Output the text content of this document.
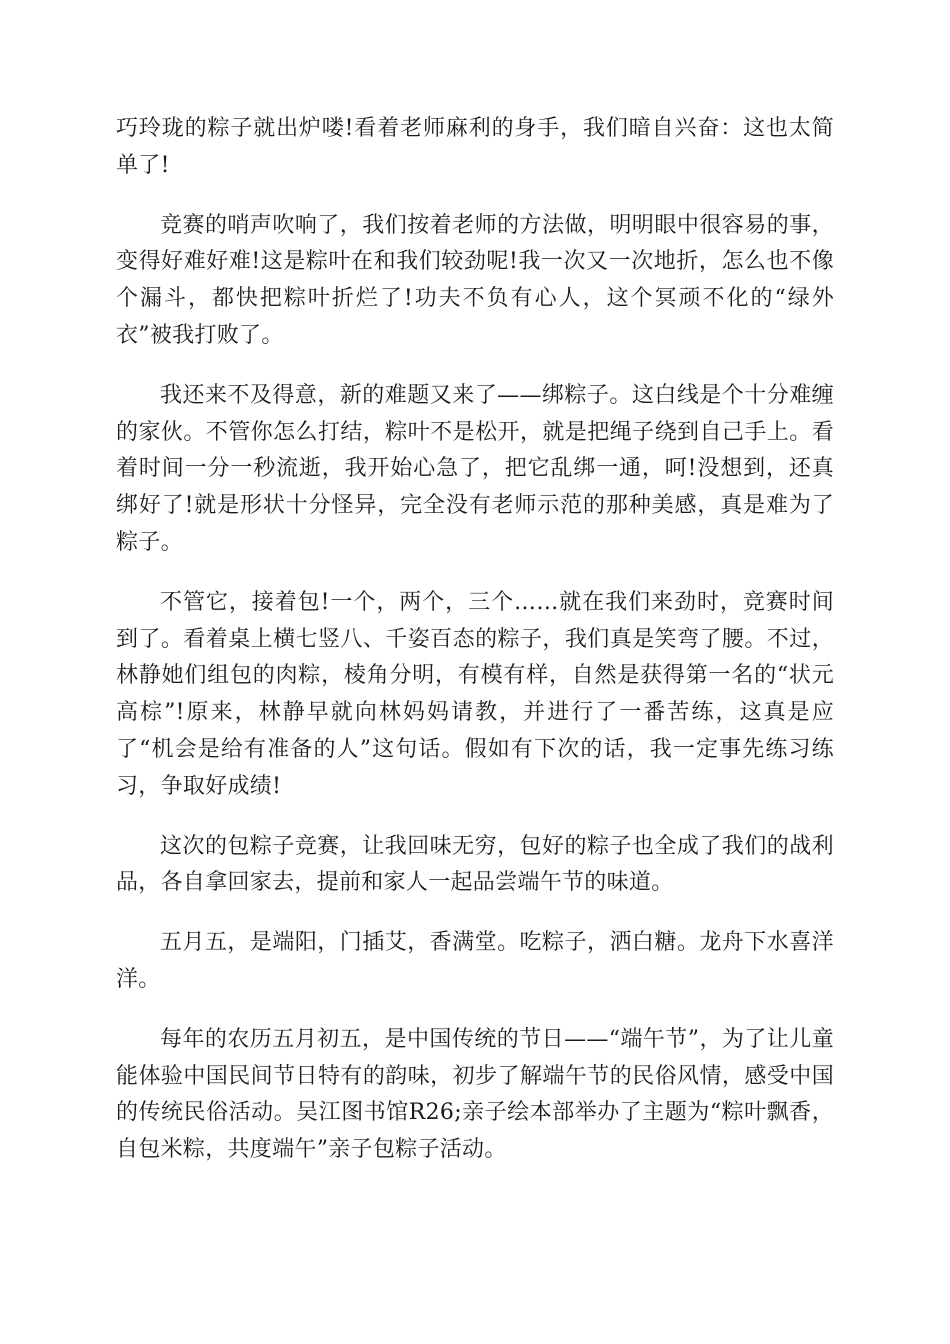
巧玲珑的粽子就出炉喽!看着老师麻利的身手，我们暗自兴奋：这也太简单了!

竞赛的哨声吹响了，我们按着老师的方法做，明明眼中很容易的事，变得好难好难!这是粽叶在和我们较劲呢!我一次又一次地折，怎么也不像个漏斗，都快把粽叶折烂了!功夫不负有心人，这个冥顽不化的“绿外衣”被我打败了。

我还来不及得意，新的难题又来了——绑粽子。这白线是个十分难缠的家伙。不管你怎么打结，粽叶不是松开，就是把绳子绕到自己手上。看着时间一分一秒流逝，我开始心急了，把它乱绑一通，呵!没想到，还真绑好了!就是形状十分怪异，完全没有老师示范的那种美感，真是难为了粽子。

不管它，接着包!一个，两个，三个……就在我们来劲时，竞赛时间到了。看着桌上横七竖八、千姿百态的粽子，我们真是笑弯了腰。不过，林静她们组包的肉粽，棱角分明，有模有样，自然是获得第一名的“状元高棕”!原来，林静早就向林妈妈请教，并进行了一番苦练，这真是应了“机会是给有准备的人”这句话。假如有下次的话，我一定事先练习练习，争取好成绩!

这次的包粽子竞赛，让我回味无穷，包好的粽子也全成了我们的战利品，各自拿回家去，提前和家人一起品尝端午节的味道。

五月五，是端阳，门插艾，香满堂。吃粽子，洒白糖。龙舟下水喜洋洋。

每年的农历五月初五，是中国传统的节日——“端午节”，为了让儿童能体验中国民间节日特有的韵味，初步了解端午节的民俗风情，感受中国的传统民俗活动。吴江图书馆R26;亲子绘本部举办了主题为“粽叶飘香，自包米粽，共度端午”亲子包粽子活动。
